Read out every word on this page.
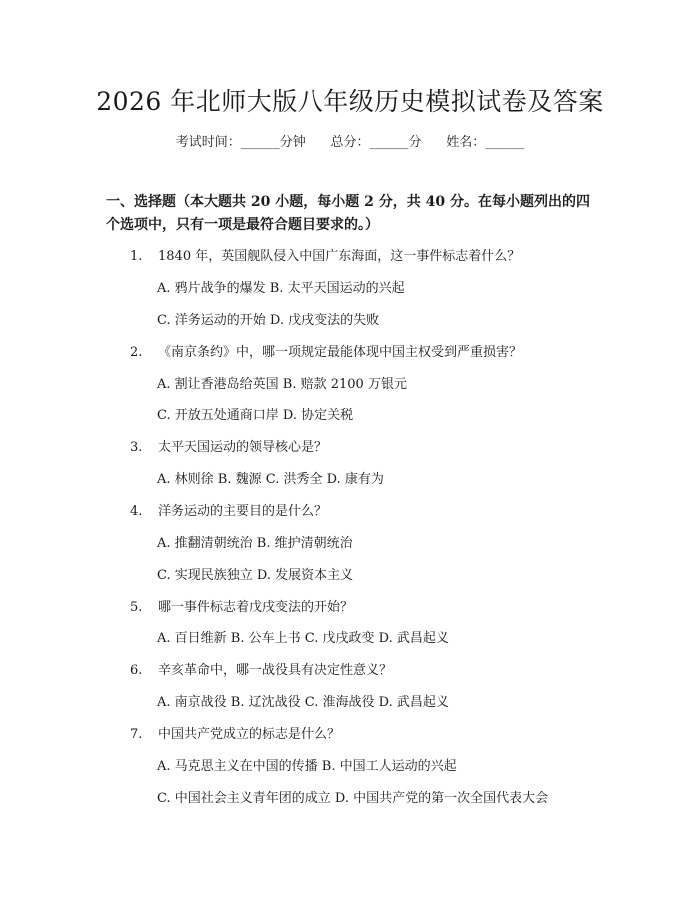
2026 年北师大版八年级历史模拟试卷及答案
考试时间：______分钟      总分：______分      姓名：______
一、选择题（本大题共 20 小题，每小题 2 分，共 40 分。在每小题列出的四个选项中，只有一项是最符合题目要求的。）
1. 1840 年，英国舰队侵入中国广东海面，这一事件标志着什么？
A. 鸦片战争的爆发 B. 太平天国运动的兴起
C. 洋务运动的开始 D. 戊戌变法的失败
2. 《南京条约》中，哪一项规定最能体现中国主权受到严重损害？
A. 割让香港岛给英国 B. 赔款 2100 万银元
C. 开放五处通商口岸 D. 协定关税
3. 太平天国运动的领导核心是？
A. 林则徐 B. 魏源 C. 洪秀全 D. 康有为
4. 洋务运动的主要目的是什么？
A. 推翻清朝统治 B. 维护清朝统治
C. 实现民族独立 D. 发展资本主义
5. 哪一事件标志着戊戌变法的开始？
A. 百日维新 B. 公车上书 C. 戊戌政变 D. 武昌起义
6. 辛亥革命中，哪一战役具有决定性意义？
A. 南京战役 B. 辽沈战役 C. 淮海战役 D. 武昌起义
7. 中国共产党成立的标志是什么？
A. 马克思主义在中国的传播 B. 中国工人运动的兴起
C. 中国社会主义青年团的成立 D. 中国共产党的第一次全国代表大会
